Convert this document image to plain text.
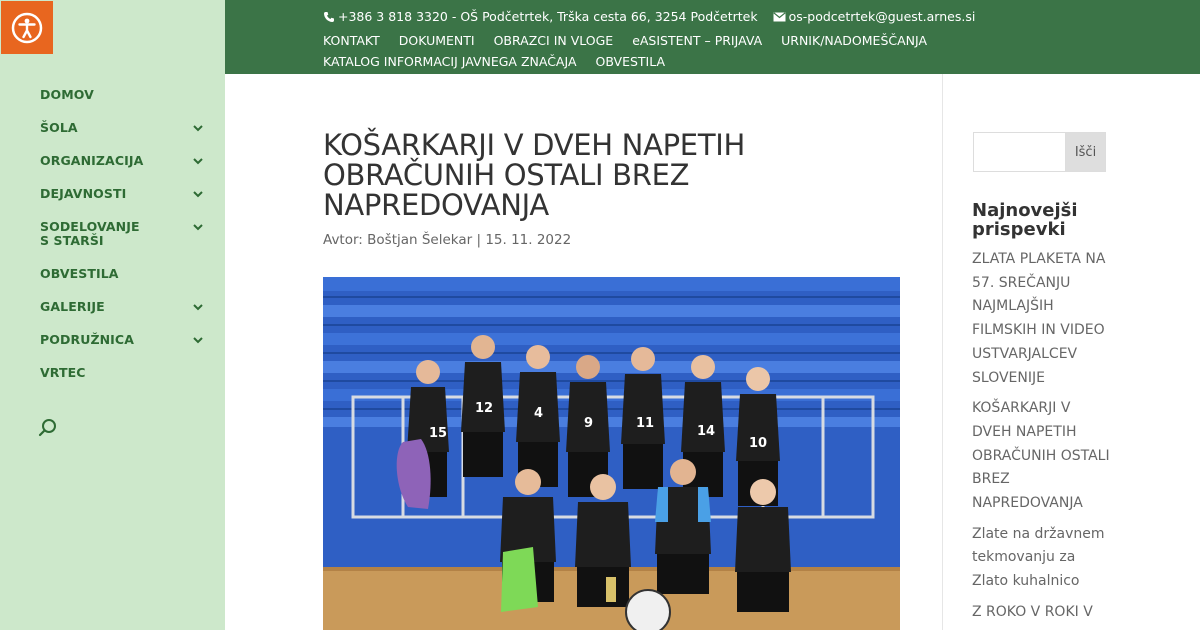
DOMOV
ŠOLA
ORGANIZACIJA
DEJAVNOSTI
SODELOVANJE S STARŠI
OBVESTILA
GALERIJE
PODRUŽNICA
VRTEC
+386 3 818 3320 - OŠ Podčetrtek, Trška cesta 66, 3254 Podčetrtek os-podcetrtek@guest.arnes.si
KONTAKT DOKUMENTI OBRAZCI IN VLOGE eASISTENT – PRIJAVA URNIK/NADOMEŠČANJA
KATALOG INFORMACIJ JAVNEGA ZNAČAJA OBVESTILA
KOŠARKARJI V DVEH NAPETIH OBRAČUNIH OSTALI BREZ NAPREDOVANJA

Avtor: Boštjan Šelekar | 15. 11. 2022

15
12	4
9	11
14
10
Išči
Najnovejši prispevki
ZLATA PLAKETA NA 57. SREČANJU NAJMLAJŠIH FILMSKIH IN VIDEO USTVARJALCEV SLOVENIJE
KOŠARKARJI V DVEH NAPETIH OBRAČUNIH OSTALI BREZ NAPREDOVANJA
Zlate na državnem tekmovanju za Zlato kuhalnico
Z ROKO V ROKI V
